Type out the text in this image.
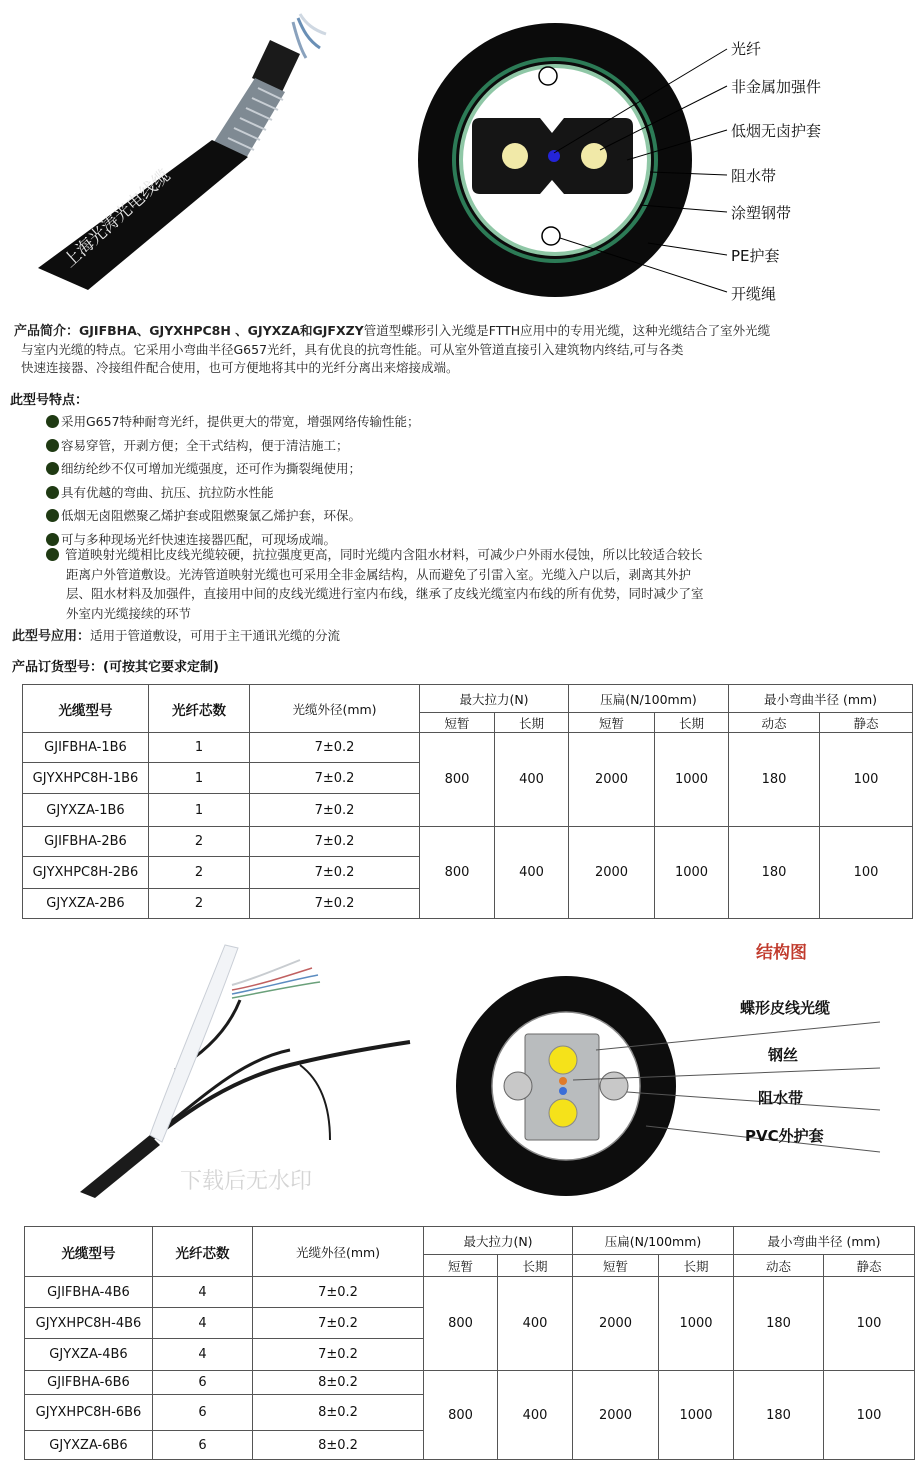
上海光涛光电线缆
光纤
非金属加强件
低烟无卤护套
阻水带
涂塑钢带
PE护套
开缆绳
产品简介：GJIFBHA、GJYXHPC8H 、GJYXZA和GJFXZY管道型蝶形引入光缆是FTTH应用中的专用光缆，这种光缆结合了室外光缆
与室内光缆的特点。它采用小弯曲半径G657光纤，具有优良的抗弯性能。可从室外管道直接引入建筑物内终结,可与各类
快速连接器、冷接组件配合使用，也可方便地将其中的光纤分离出来熔接成端。
此型号特点：
采用G657特种耐弯光纤，提供更大的带宽，增强网络传输性能；
容易穿管，开剥方便；全干式结构，便于清洁施工；
细纺纶纱不仅可增加光缆强度，还可作为撕裂绳使用；
具有优越的弯曲、抗压、抗拉防水性能
低烟无卤阻燃聚乙烯护套或阻燃聚氯乙烯护套，环保。
可与多种现场光纤快速连接器匹配，可现场成端。
管道映射光缆相比皮线光缆较硬，抗拉强度更高，同时光缆内含阻水材料，可减少户外雨水侵蚀，所以比较适合较长
距离户外管道敷设。光涛管道映射光缆也可采用全非金属结构，从而避免了引雷入室。光缆入户以后，剥离其外护
层、阻水材料及加强件，直接用中间的皮线光缆进行室内布线，继承了皮线光缆室内布线的所有优势，同时减少了室
外室内光缆接续的环节
此型号应用：适用于管道敷设，可用于主干通讯光缆的分流
产品订货型号：(可按其它要求定制)
光缆型号	光纤芯数	光缆外径(mm)	最大拉力(N)		压扁(N/100mm)		最小弯曲半径 (mm)	
			短暂	长期	短暂	长期	动态	静态
GJIFBHA-1B6	1	7±0.2	800	400	2000	1000	180	100
GJYXHPC8H-1B6	1	7±0.2						
GJYXZA-1B6	1	7±0.2						
GJIFBHA-2B6	2	7±0.2	800	400	2000	1000	180	100
GJYXHPC8H-2B6	2	7±0.2						
GJYXZA-2B6	2	7±0.2						
下载后无水印
结构图
蝶形皮线光缆
钢丝
阻水带
PVC外护套
光缆型号	光纤芯数	光缆外径(mm)	最大拉力(N)		压扁(N/100mm)		最小弯曲半径 (mm)	
			短暂	长期	短暂	长期	动态	静态
GJIFBHA-4B6	4	7±0.2	800	400	2000	1000	180	100
GJYXHPC8H-4B6	4	7±0.2						
GJYXZA-4B6	4	7±0.2						
GJIFBHA-6B6	6	8±0.2	800	400	2000	1000	180	100
GJYXHPC8H-6B6	6	8±0.2						
GJYXZA-6B6	6	8±0.2						
